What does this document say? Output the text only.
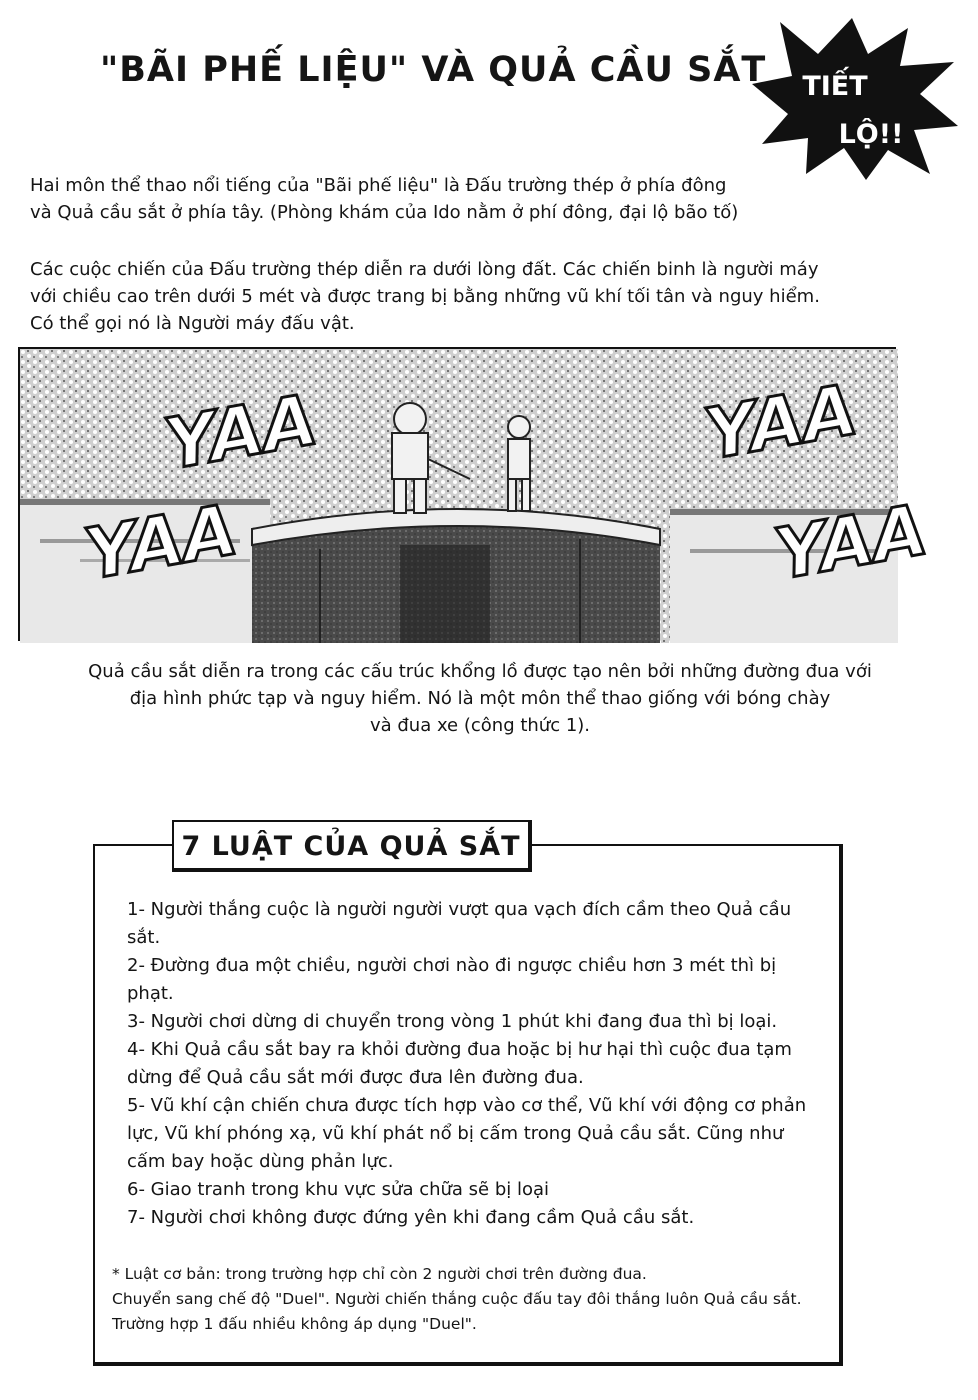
"BÃI PHẾ LIỆU" VÀ QUẢ CẦU SẮT	TIẾT
LỘ!!

Hai môn thể thao nổi tiếng của "Bãi phế liệu" là Đấu trường thép ở phía đông
và Quả cầu sắt ở phía tây. (Phòng khám của Ido nằm ở phí đông, đại lộ bão tố)

Các cuộc chiến của Đấu trường thép diễn ra dưới lòng đất. Các chiến binh là người máy
với chiều cao trên dưới 5 mét và được trang bị bằng những vũ khí tối tân và nguy hiểm.
Có thể gọi nó là Người máy đấu vật.

YAA
YAA
YAA
YAA

Quả cầu sắt diễn ra trong các cấu trúc khổng lồ được tạo nên bởi những đường đua với
địa hình phức tạp và nguy hiểm. Nó là một môn thể thao giống với bóng chày
và đua xe (công thức 1).

7 LUẬT CỦA QUẢ SẮT
1- Người thắng cuộc là người người vượt qua vạch đích cầm theo Quả cầu sắt.
2- Đường đua một chiều, người chơi nào đi ngược chiều hơn 3 mét thì bị phạt.
3- Người chơi dừng di chuyển trong vòng 1 phút khi đang đua thì bị loại.
4- Khi Quả cầu sắt bay ra khỏi đường đua hoặc bị hư hại thì cuộc đua tạm dừng để Quả cầu sắt mới được đưa lên đường đua.
5- Vũ khí cận chiến chưa được tích hợp vào cơ thể, Vũ khí với động cơ phản lực, Vũ khí phóng xạ, vũ khí phát nổ bị cấm trong Quả cầu sắt. Cũng như cấm bay hoặc dùng phản lực.
6- Giao tranh trong khu vực sửa chữa sẽ bị loại
7- Người chơi không được đứng yên khi đang cầm Quả cầu sắt.
* Luật cơ bản: trong trường hợp chỉ còn 2 người chơi trên đường đua.
Chuyển sang chế độ "Duel". Người chiến thắng cuộc đấu tay đôi thắng luôn Quả cầu sắt.
Trường hợp 1 đấu nhiều không áp dụng "Duel".
